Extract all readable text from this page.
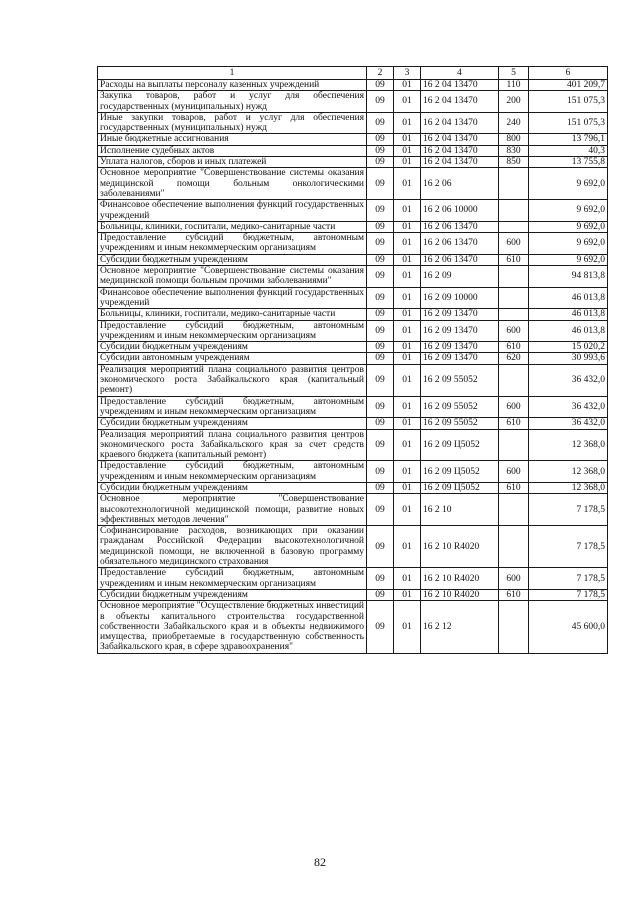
1	2	3	4	5	6
Расходы на выплаты персоналу казенных учреждений	09	01	16 2 04 13470	110	401 209,7
Закупка товаров, работ и услуг для обеспечения государственных (муниципальных) нужд	09	01	16 2 04 13470	200	151 075,3
Иные закупки товаров, работ и услуг для обеспечения государственных (муниципальных) нужд	09	01	16 2 04 13470	240	151 075,3
Иные бюджетные ассигнования	09	01	16 2 04 13470	800	13 796,1
Исполнение судебных актов	09	01	16 2 04 13470	830	40,3
Уплата налогов, сборов и иных платежей	09	01	16 2 04 13470	850	13 755,8
Основное мероприятие "Совершенствование системы оказания медицинской помощи больным онкологическими заболеваниями"	09	01	16 2 06		9 692,0
Финансовое обеспечение выполнения функций государственных учреждений	09	01	16 2 06 10000		9 692,0
Больницы, клиники, госпитали, медико-санитарные части	09	01	16 2 06 13470		9 692,0
Предоставление субсидий бюджетным, автономным учреждениям и иным некоммерческим организациям	09	01	16 2 06 13470	600	9 692,0
Субсидии бюджетным учреждениям	09	01	16 2 06 13470	610	9 692,0
Основное мероприятие "Совершенствование системы оказания медицинской помощи больным прочими заболеваниями"	09	01	16 2 09		94 813,8
Финансовое обеспечение выполнения функций государственных учреждений	09	01	16 2 09 10000		46 013,8
Больницы, клиники, госпитали, медико-санитарные части	09	01	16 2 09 13470		46 013,8
Предоставление субсидий бюджетным, автономным учреждениям и иным некоммерческим организациям	09	01	16 2 09 13470	600	46 013,8
Субсидии бюджетным учреждениям	09	01	16 2 09 13470	610	15 020,2
Субсидии автономным учреждениям	09	01	16 2 09 13470	620	30 993,6
Реализация мероприятий плана социального развития центров экономического роста Забайкальского края (капитальный ремонт)	09	01	16 2 09 55052		36 432,0
Предоставление субсидий бюджетным, автономным учреждениям и иным некоммерческим организациям	09	01	16 2 09 55052	600	36 432,0
Субсидии бюджетным учреждениям	09	01	16 2 09 55052	610	36 432,0
Реализация мероприятий плана социального развития центров экономического роста Забайкальского края за счет средств краевого бюджета (капитальный ремонт)	09	01	16 2 09 Ц5052		12 368,0
Предоставление субсидий бюджетным, автономным учреждениям и иным некоммерческим организациям	09	01	16 2 09 Ц5052	600	12 368,0
Субсидии бюджетным учреждениям	09	01	16 2 09 Ц5052	610	12 368,0
Основное мероприятие "Совершенствование высокотехнологичной медицинской помощи, развитие новых эффективных методов лечения"	09	01	16 2 10		7 178,5
Софинансирование расходов, возникающих при оказании гражданам Российской Федерации высокотехнологичной медицинской помощи, не включенной в базовую программу обязательного медицинского страхования	09	01	16 2 10 R4020		7 178,5
Предоставление субсидий бюджетным, автономным учреждениям и иным некоммерческим организациям	09	01	16 2 10 R4020	600	7 178,5
Субсидии бюджетным учреждениям	09	01	16 2 10 R4020	610	7 178,5
Основное мероприятие "Осуществление бюджетных инвестиций в объекты капитального строительства государственной собственности Забайкальского края и в объекты недвижимого имущества, приобретаемые в государственную собственность Забайкальского края, в сфере здравоохранения"	09	01	16 2 12		45 600,0
82
